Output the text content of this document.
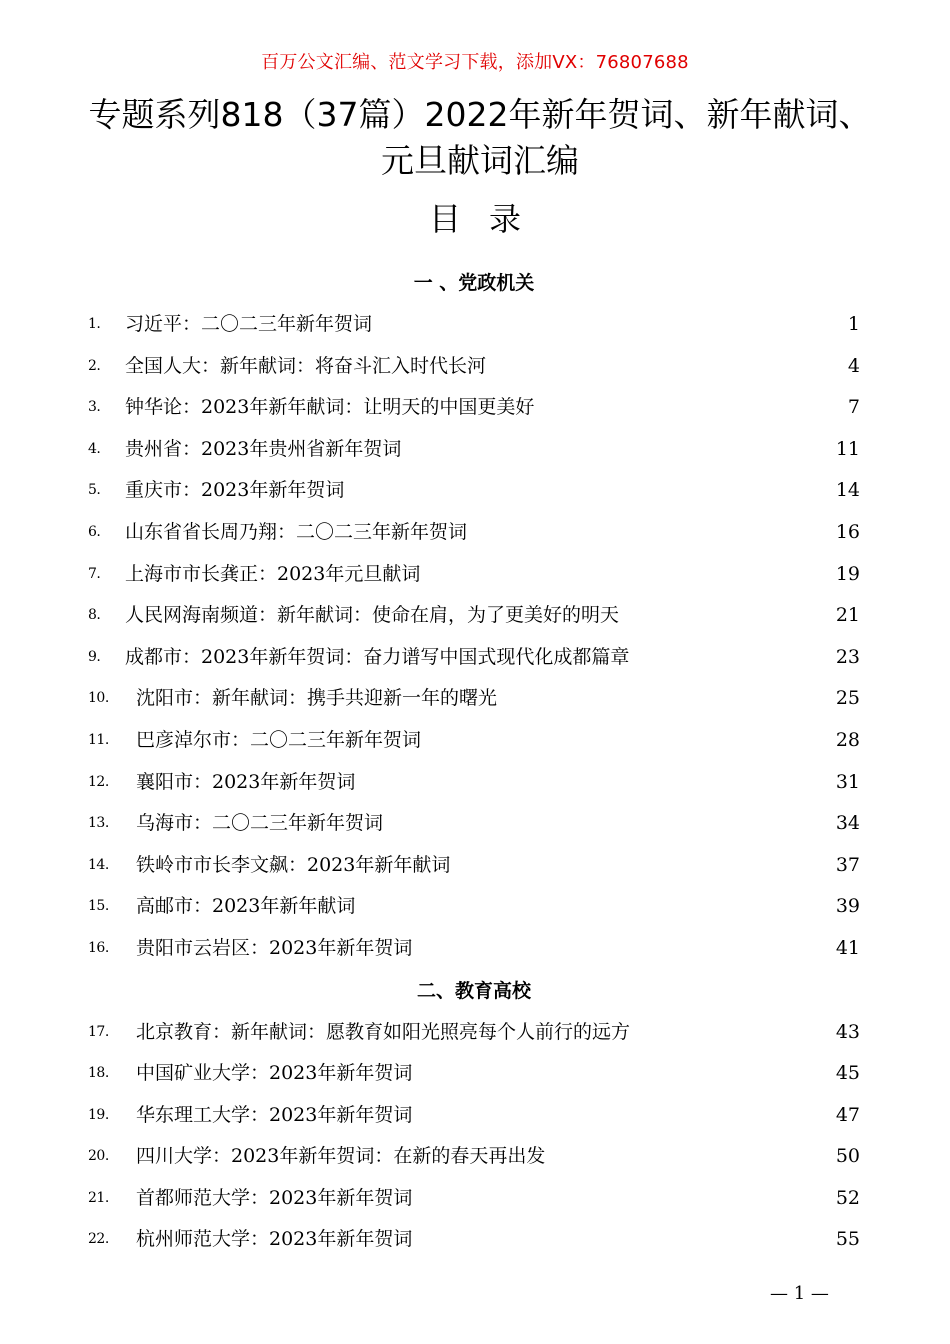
百万公文汇编、范文学习下载，添加VX：76807688
专题系列818（37篇）2022年新年贺词、新年献词、元旦献词汇编
目录
一 、党政机关
1. 习近平：二〇二三年新年贺词	1
2. 全国人大：新年献词：将奋斗汇入时代长河	4
3. 钟华论：2023年新年献词：让明天的中国更美好	7
4. 贵州省：2023年贵州省新年贺词	11
5. 重庆市：2023年新年贺词	14
6. 山东省省长周乃翔：二〇二三年新年贺词	16
7. 上海市市长龚正：2023年元旦献词	19
8. 人民网海南频道：新年献词：使命在肩，为了更美好的明天	21
9. 成都市：2023年新年贺词：奋力谱写中国式现代化成都篇章	23
10. 沈阳市：新年献词：携手共迎新一年的曙光	25
11. 巴彦淖尔市：二〇二三年新年贺词	28
12. 襄阳市：2023年新年贺词	31
13. 乌海市：二〇二三年新年贺词	34
14. 铁岭市市长李文飙：2023年新年献词	37
15. 高邮市：2023年新年献词	39
16. 贵阳市云岩区：2023年新年贺词	41
二、教育高校
17. 北京教育：新年献词：愿教育如阳光照亮每个人前行的远方	43
18. 中国矿业大学：2023年新年贺词	45
19. 华东理工大学：2023年新年贺词	47
20. 四川大学：2023年新年贺词：在新的春天再出发	50
21. 首都师范大学：2023年新年贺词	52
22. 杭州师范大学：2023年新年贺词	55
— 1 —
